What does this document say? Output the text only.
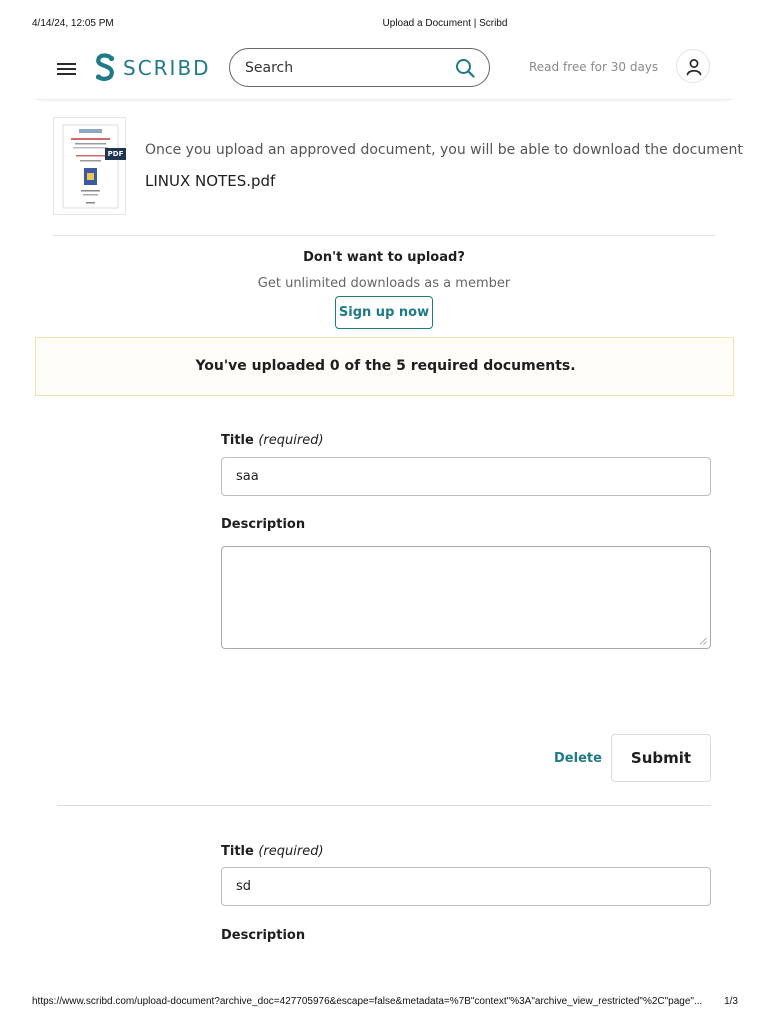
4/14/24, 12:05 PM	Upload a Document | Scribd
SCRIBD
Search	Read free for 30 days
PDF Once you upload an approved document, you will be able to download the document
LINUX NOTES.pdf
Don't want to upload?
Get unlimited downloads as a member
Sign up now
You've uploaded 0 of the 5 required documents.
Title (required)
saa
Description
Delete	Submit
Title (required)
sd
Description
https://www.scribd.com/upload-document?archive_doc=427705976&escape=false&metadata=%7B"context"%3A"archive_view_restricted"%2C"page"...	1/3
